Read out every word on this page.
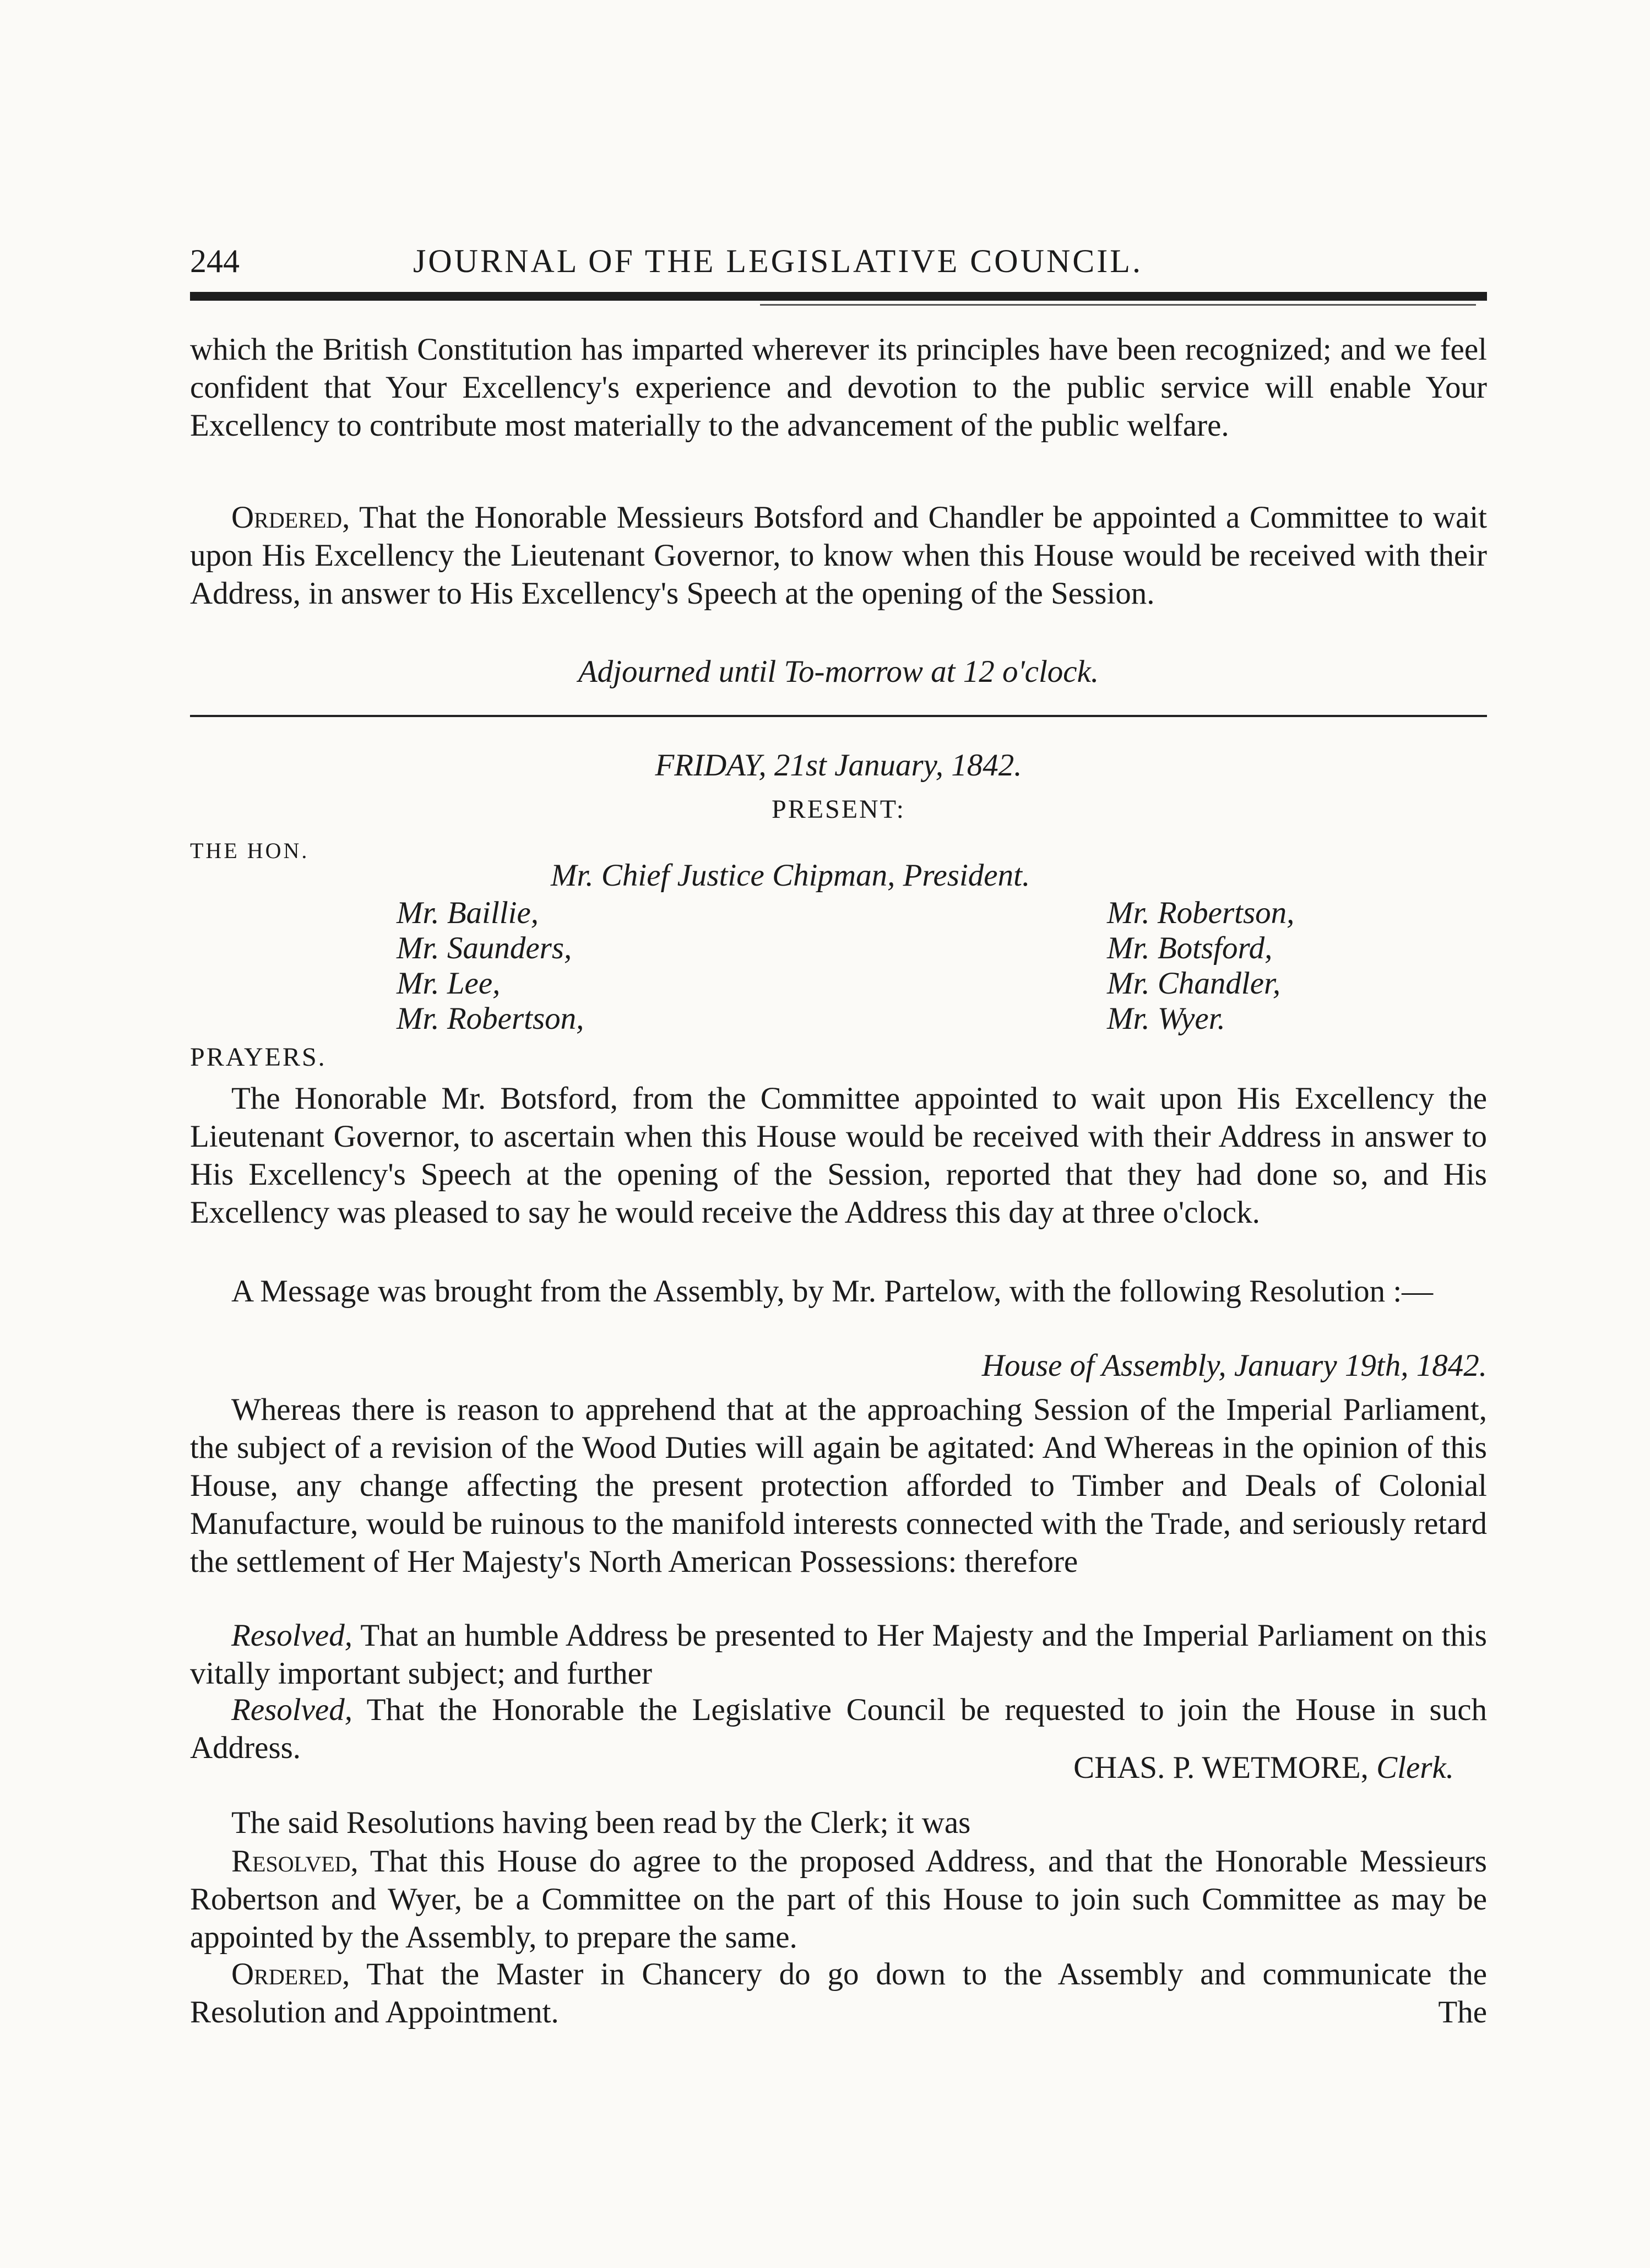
244	JOURNAL OF THE LEGISLATIVE COUNCIL.

which the British Constitution has imparted wherever its principles have been recognized; and we feel confident that Your Excellency's experience and devotion to the public service will enable Your Excellency to contribute most materially to the advancement of the public welfare.

Ordered, That the Honorable Messieurs Botsford and Chandler be appointed a Committee to wait upon His Excellency the Lieutenant Governor, to know when this House would be received with their Address, in answer to His Excellency's Speech at the opening of the Session.

Adjourned until To-morrow at 12 o'clock.

FRIDAY, 21st January, 1842.

PRESENT:

THE HON.

Mr. Chief Justice Chipman, President.

Mr. Baillie,	Mr. Robertson,
Mr. Saunders,	Mr. Botsford,
Mr. Lee,	Mr. Chandler,
Mr. Robertson,	Mr. Wyer.

PRAYERS.

The Honorable Mr. Botsford, from the Committee appointed to wait upon His Excellency the Lieutenant Governor, to ascertain when this House would be received with their Address in answer to His Excellency's Speech at the opening of the Session, reported that they had done so, and His Excellency was pleased to say he would receive the Address this day at three o'clock.

A Message was brought from the Assembly, by Mr. Partelow, with the following Resolution :—

House of Assembly, January 19th, 1842.

Whereas there is reason to apprehend that at the approaching Session of the Imperial Parliament, the subject of a revision of the Wood Duties will again be agitated: And Whereas in the opinion of this House, any change affecting the present protection afforded to Timber and Deals of Colonial Manufacture, would be ruinous to the manifold interests connected with the Trade, and seriously retard the settlement of Her Majesty's North American Possessions: therefore

Resolved, That an humble Address be presented to Her Majesty and the Imperial Parliament on this vitally important subject; and further

Resolved, That the Honorable the Legislative Council be requested to join the House in such Address.

CHAS. P. WETMORE, Clerk.

The said Resolutions having been read by the Clerk; it was

Resolved, That this House do agree to the proposed Address, and that the Honorable Messieurs Robertson and Wyer, be a Committee on the part of this House to join such Committee as may be appointed by the Assembly, to prepare the same.

Ordered, That the Master in Chancery do go down to the Assembly and communicate the Resolution and Appointment.	The
